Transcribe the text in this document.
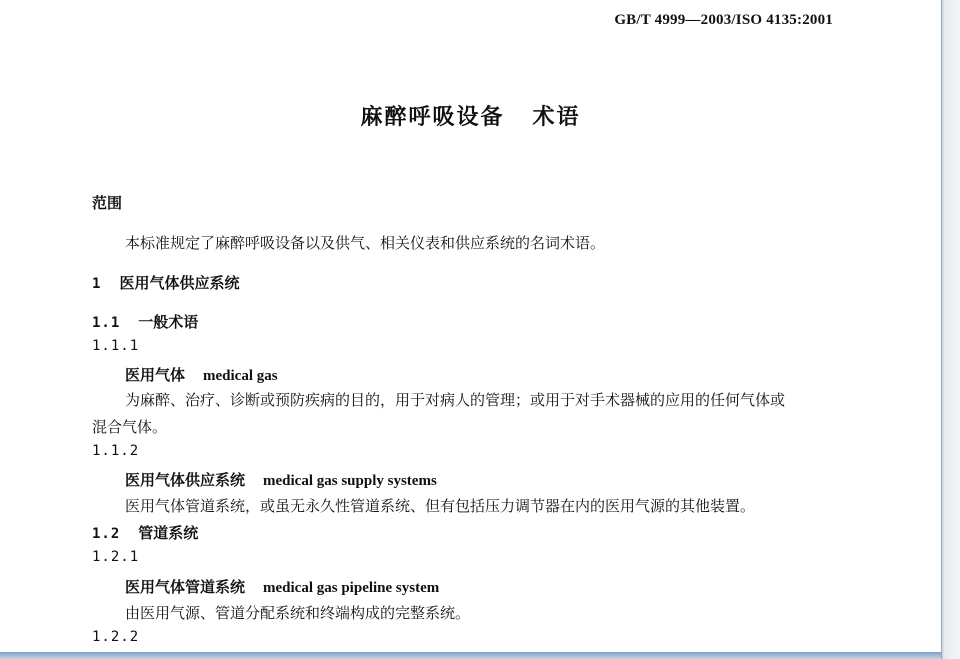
GB/T 4999—2003/ISO 4135:2001
麻醉呼吸设备 术语
范围
本标准规定了麻醉呼吸设备以及供气、相关仪表和供应系统的名词术语。
1 医用气体供应系统
1.1 一般术语
1.1.1
医用气体 medical gas
为麻醉、治疗、诊断或预防疾病的目的，用于对病人的管理；或用于对手术器械的应用的任何气体或
混合气体。
1.1.2
医用气体供应系统 medical gas supply systems
医用气体管道系统，或虽无永久性管道系统、但有包括压力调节器在内的医用气源的其他装置。
1.2 管道系统
1.2.1
医用气体管道系统 medical gas pipeline system
由医用气源、管道分配系统和终端构成的完整系统。
1.2.2
